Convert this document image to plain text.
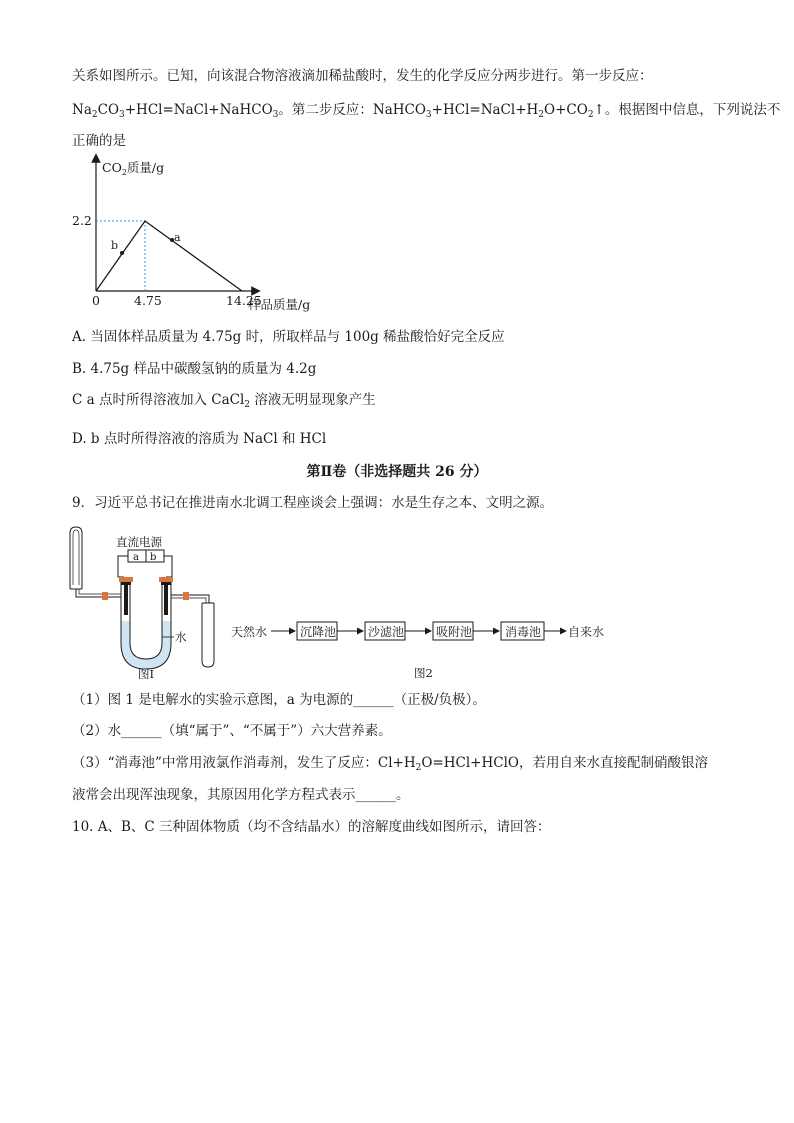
关系如图所示。已知，向该混合物溶液滴加稀盐酸时，发生的化学反应分两步进行。第一步反应：
$Na_2CO_3+HCl=NaCl+NaHCO_3$。第二步反应：$NaHCO_3+HCl=NaCl+H_2O+CO_2↑$。根据图中信息，下列说法不
正确的是
$CO_2$质量/g
2.2
0	4.75	14.25
样品质量/g
b
a
A. 当固体样品质量为 4.75g 时，所取样品与 100g 稀盐酸恰好完全反应
B. 4.75g 样品中碳酸氢钠的质量为 4.2g
C a 点时所得溶液加入 CaCl$_2$ 溶液无明显现象产生
D. b 点时所得溶液的溶质为 NaCl 和 HCl
第Ⅱ卷（非选择题共 26 分）
9．习近平总书记在推进南水北调工程座谈会上强调：水是生存之本、文明之源。
直流电源
a b
水
图Ⅰ
天然水	沉降池	沙滤池	吸附池	消毒池 自来水
图2
（1）图 1 是电解水的实验示意图，a 为电源的______（正极/负极）。
（2）水______（填“属于”、“不属于”）六大营养素。
（3）“消毒池”中常用液氯作消毒剂，发生了反应：$Cl+H_2O=HCl+HClO$，若用自来水直接配制硝酸银溶
液常会出现浑浊现象，其原因用化学方程式表示______。
10. A、B、C 三种固体物质（均不含结晶水）的溶解度曲线如图所示，请回答：
